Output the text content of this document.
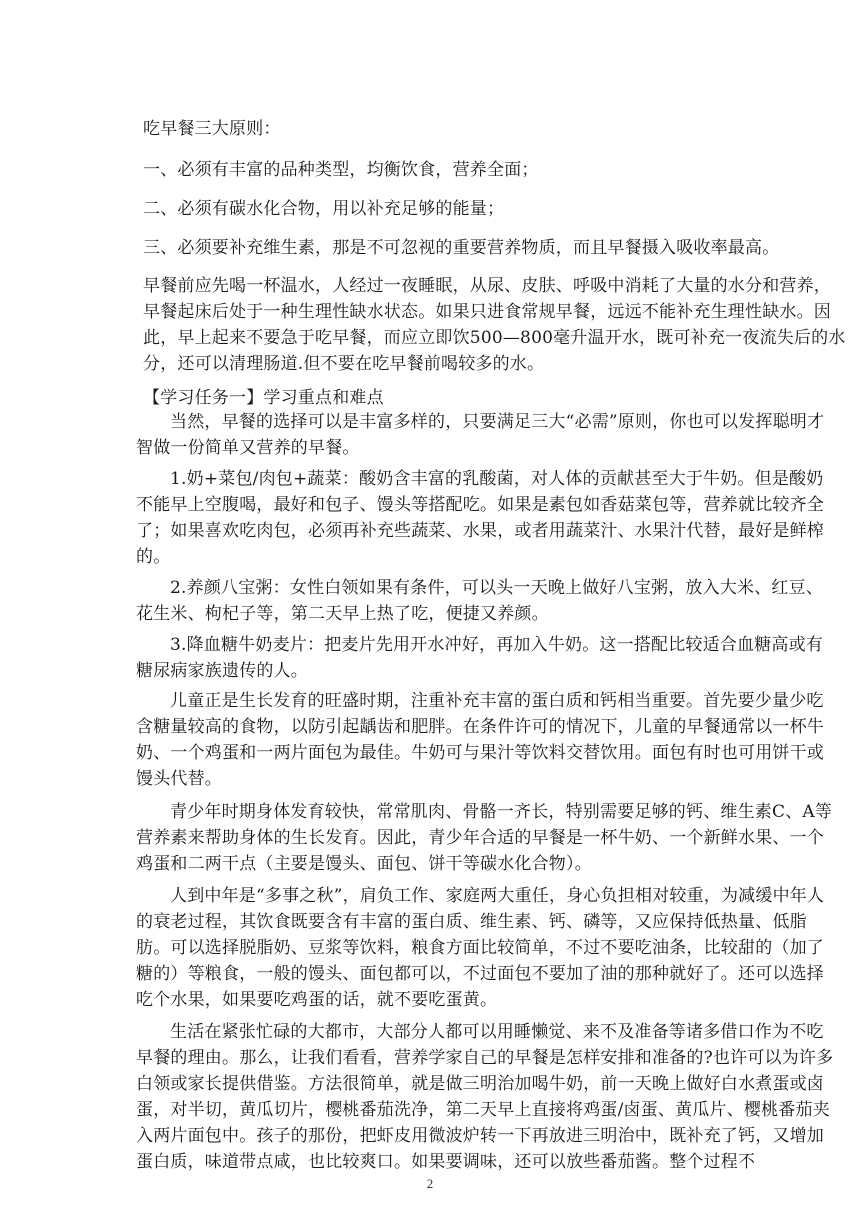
吃早餐三大原则：

一、必须有丰富的品种类型，均衡饮食，营养全面；

二、必须有碳水化合物，用以补充足够的能量；

三、必须要补充维生素，那是不可忽视的重要营养物质，而且早餐摄入吸收率最高。

早餐前应先喝一杯温水，人经过一夜睡眠，从尿、皮肤、呼吸中消耗了大量的水分和营养，早餐起床后处于一种生理性缺水状态。如果只进食常规早餐，远远不能补充生理性缺水。因此，早上起来不要急于吃早餐，而应立即饮500—800毫升温开水，既可补充一夜流失后的水分，还可以清理肠道.但不要在吃早餐前喝较多的水。

【学习任务一】学习重点和难点

当然，早餐的选择可以是丰富多样的，只要满足三大“必需”原则，你也可以发挥聪明才智做一份简单又营养的早餐。

1.奶+菜包/肉包+蔬菜：酸奶含丰富的乳酸菌，对人体的贡献甚至大于牛奶。但是酸奶不能早上空腹喝，最好和包子、馒头等搭配吃。如果是素包如香菇菜包等，营养就比较齐全了；如果喜欢吃肉包，必须再补充些蔬菜、水果，或者用蔬菜汁、水果汁代替，最好是鲜榨的。

2.养颜八宝粥：女性白领如果有条件，可以头一天晚上做好八宝粥，放入大米、红豆、花生米、枸杞子等，第二天早上热了吃，便捷又养颜。

3.降血糖牛奶麦片：把麦片先用开水冲好，再加入牛奶。这一搭配比较适合血糖高或有糖尿病家族遗传的人。

儿童正是生长发育的旺盛时期，注重补充丰富的蛋白质和钙相当重要。首先要少量少吃含糖量较高的食物，以防引起龋齿和肥胖。在条件许可的情况下，儿童的早餐通常以一杯牛奶、一个鸡蛋和一两片面包为最佳。牛奶可与果汁等饮料交替饮用。面包有时也可用饼干或馒头代替。

青少年时期身体发育较快，常常肌肉、骨骼一齐长，特别需要足够的钙、维生素C、A等营养素来帮助身体的生长发育。因此，青少年合适的早餐是一杯牛奶、一个新鲜水果、一个鸡蛋和二两干点（主要是馒头、面包、饼干等碳水化合物）。

人到中年是“多事之秋”，肩负工作、家庭两大重任，身心负担相对较重，为减缓中年人的衰老过程，其饮食既要含有丰富的蛋白质、维生素、钙、磷等，又应保持低热量、低脂肪。可以选择脱脂奶、豆浆等饮料，粮食方面比较简单，不过不要吃油条，比较甜的（加了糖的）等粮食，一般的馒头、面包都可以，不过面包不要加了油的那种就好了。还可以选择吃个水果，如果要吃鸡蛋的话，就不要吃蛋黄。

生活在紧张忙碌的大都市，大部分人都可以用睡懒觉、来不及准备等诸多借口作为不吃早餐的理由。那么，让我们看看，营养学家自己的早餐是怎样安排和准备的?也许可以为许多白领或家长提供借鉴。方法很简单，就是做三明治加喝牛奶，前一天晚上做好白水煮蛋或卤蛋，对半切，黄瓜切片，樱桃番茄洗净，第二天早上直接将鸡蛋/卤蛋、黄瓜片、樱桃番茄夹入两片面包中。孩子的那份，把虾皮用微波炉转一下再放进三明治中，既补充了钙，又增加蛋白质，味道带点咸，也比较爽口。如果要调味，还可以放些番茄酱。整个过程不

2
